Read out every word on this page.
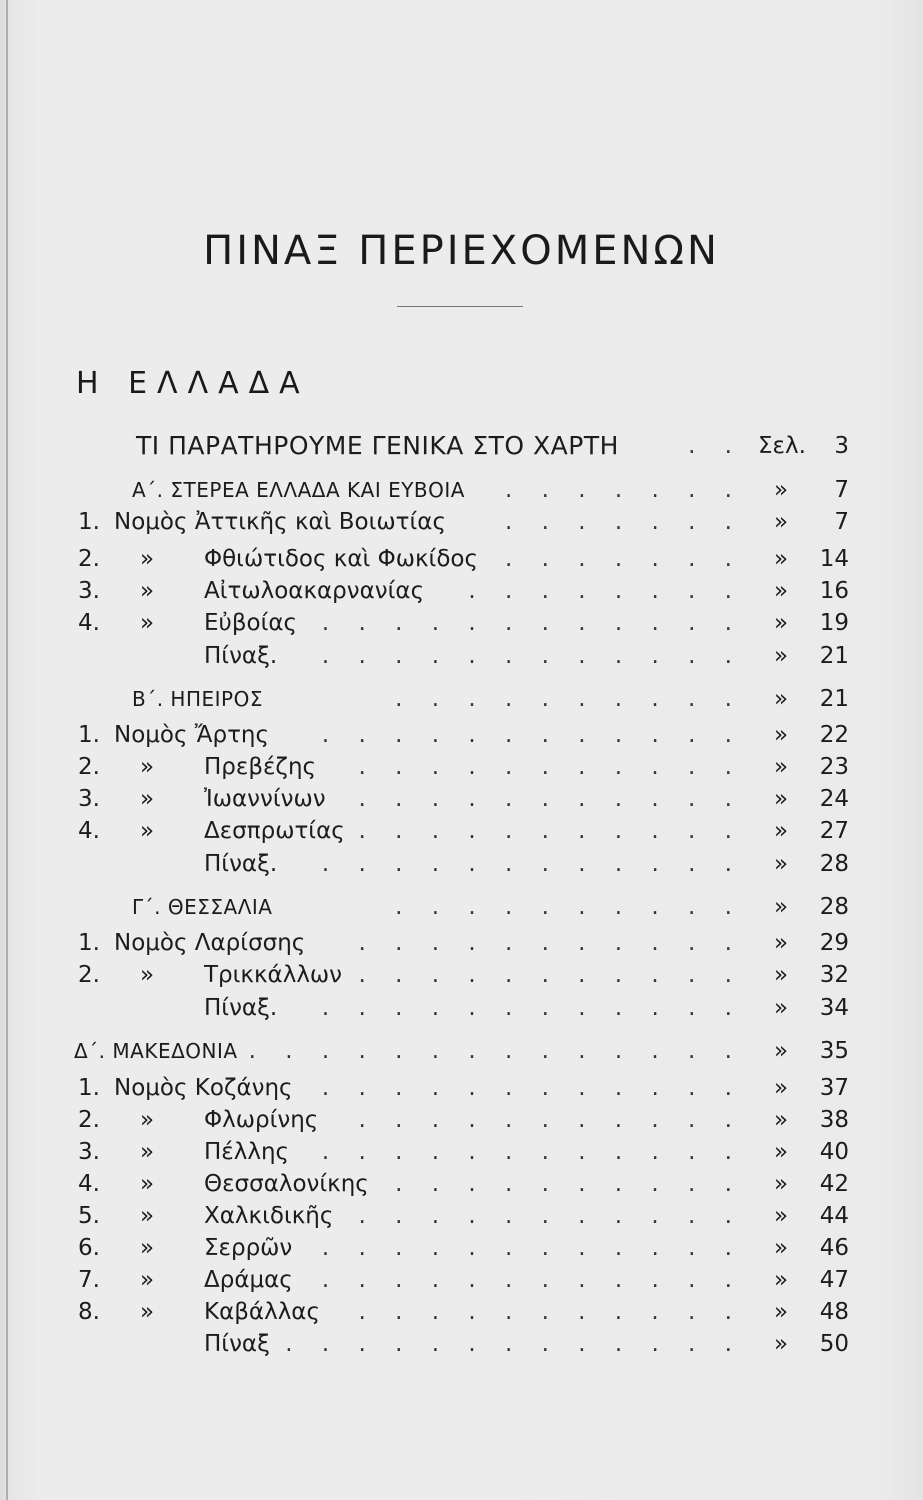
ΠΙΝΑΞ ΠΕΡΙΕΧΟΜΕΝΩΝ
Η ΕΛΛΑΔΑ
ΤΙ ΠΑΡΑΤΗΡΟΥΜΕ ΓΕΝΙΚΑ ΣΤΟ ΧΑΡΤΗ	. . Σελ. 3
Α΄. ΣΤΕΡΕΑ ΕΛΛΑΔΑ ΚΑΙ ΕΥΒΟΙΑ . . . . . . . » 7
1. Νομὸς Ἀττικῆς καὶ Βοιωτίας	. . . . . . . » 7
2. » Φθιώτιδος καὶ Φωκίδος . . . . . . . » 14
3. » Αἰτωλοακαρνανίας . . . . . . . . » 16
4. » Εὐβοίας . . . . . . . . . . . . » 19
Πίναξ. . . . . . . . . . . . . » 21
Β΄. ΗΠΕΙΡΟΣ	. . . . . . . . . . » 21
1. Νομὸς Ἄρτης . . . . . . . . . . . . » 22
2. » Πρεβέζης . . . . . . . . . . . » 23
3. » Ἰωαννίνων . . . . . . . . . . . » 24
4. » Δεσπρωτίας . . . . . . . . . . . » 27
Πίναξ. . . . . . . . . . . . . » 28
Γ΄. ΘΕΣΣΑΛΙΑ	. . . . . . . . . . » 28
1. Νομὸς Λαρίσσης . . . . . . . . . . . » 29
2. » Τρικκάλλων . . . . . . . . . . . » 32
Πίναξ. . . . . . . . . . . . . » 34
Δ΄. ΜΑΚΕΔΟΝΙΑ . . . . . . . . . . . . . . » 35
1. Νομὸς Κοζάνης . . . . . . . . . . . . » 37
2. » Φλωρίνης . . . . . . . . . . . » 38
3. » Πέλλης . . . . . . . . . . . . » 40
4. » Θεσσαλονίκης . . . . . . . . . . » 42
5. » Χαλκιδικῆς . . . . . . . . . . . » 44
6. » Σερρῶν . . . . . . . . . . . . » 46
7. » Δράμας . . . . . . . . . . . . » 47
8. » Καβάλλας . . . . . . . . . . . » 48
Πίναξ . . . . . . . . . . . . . » 50
